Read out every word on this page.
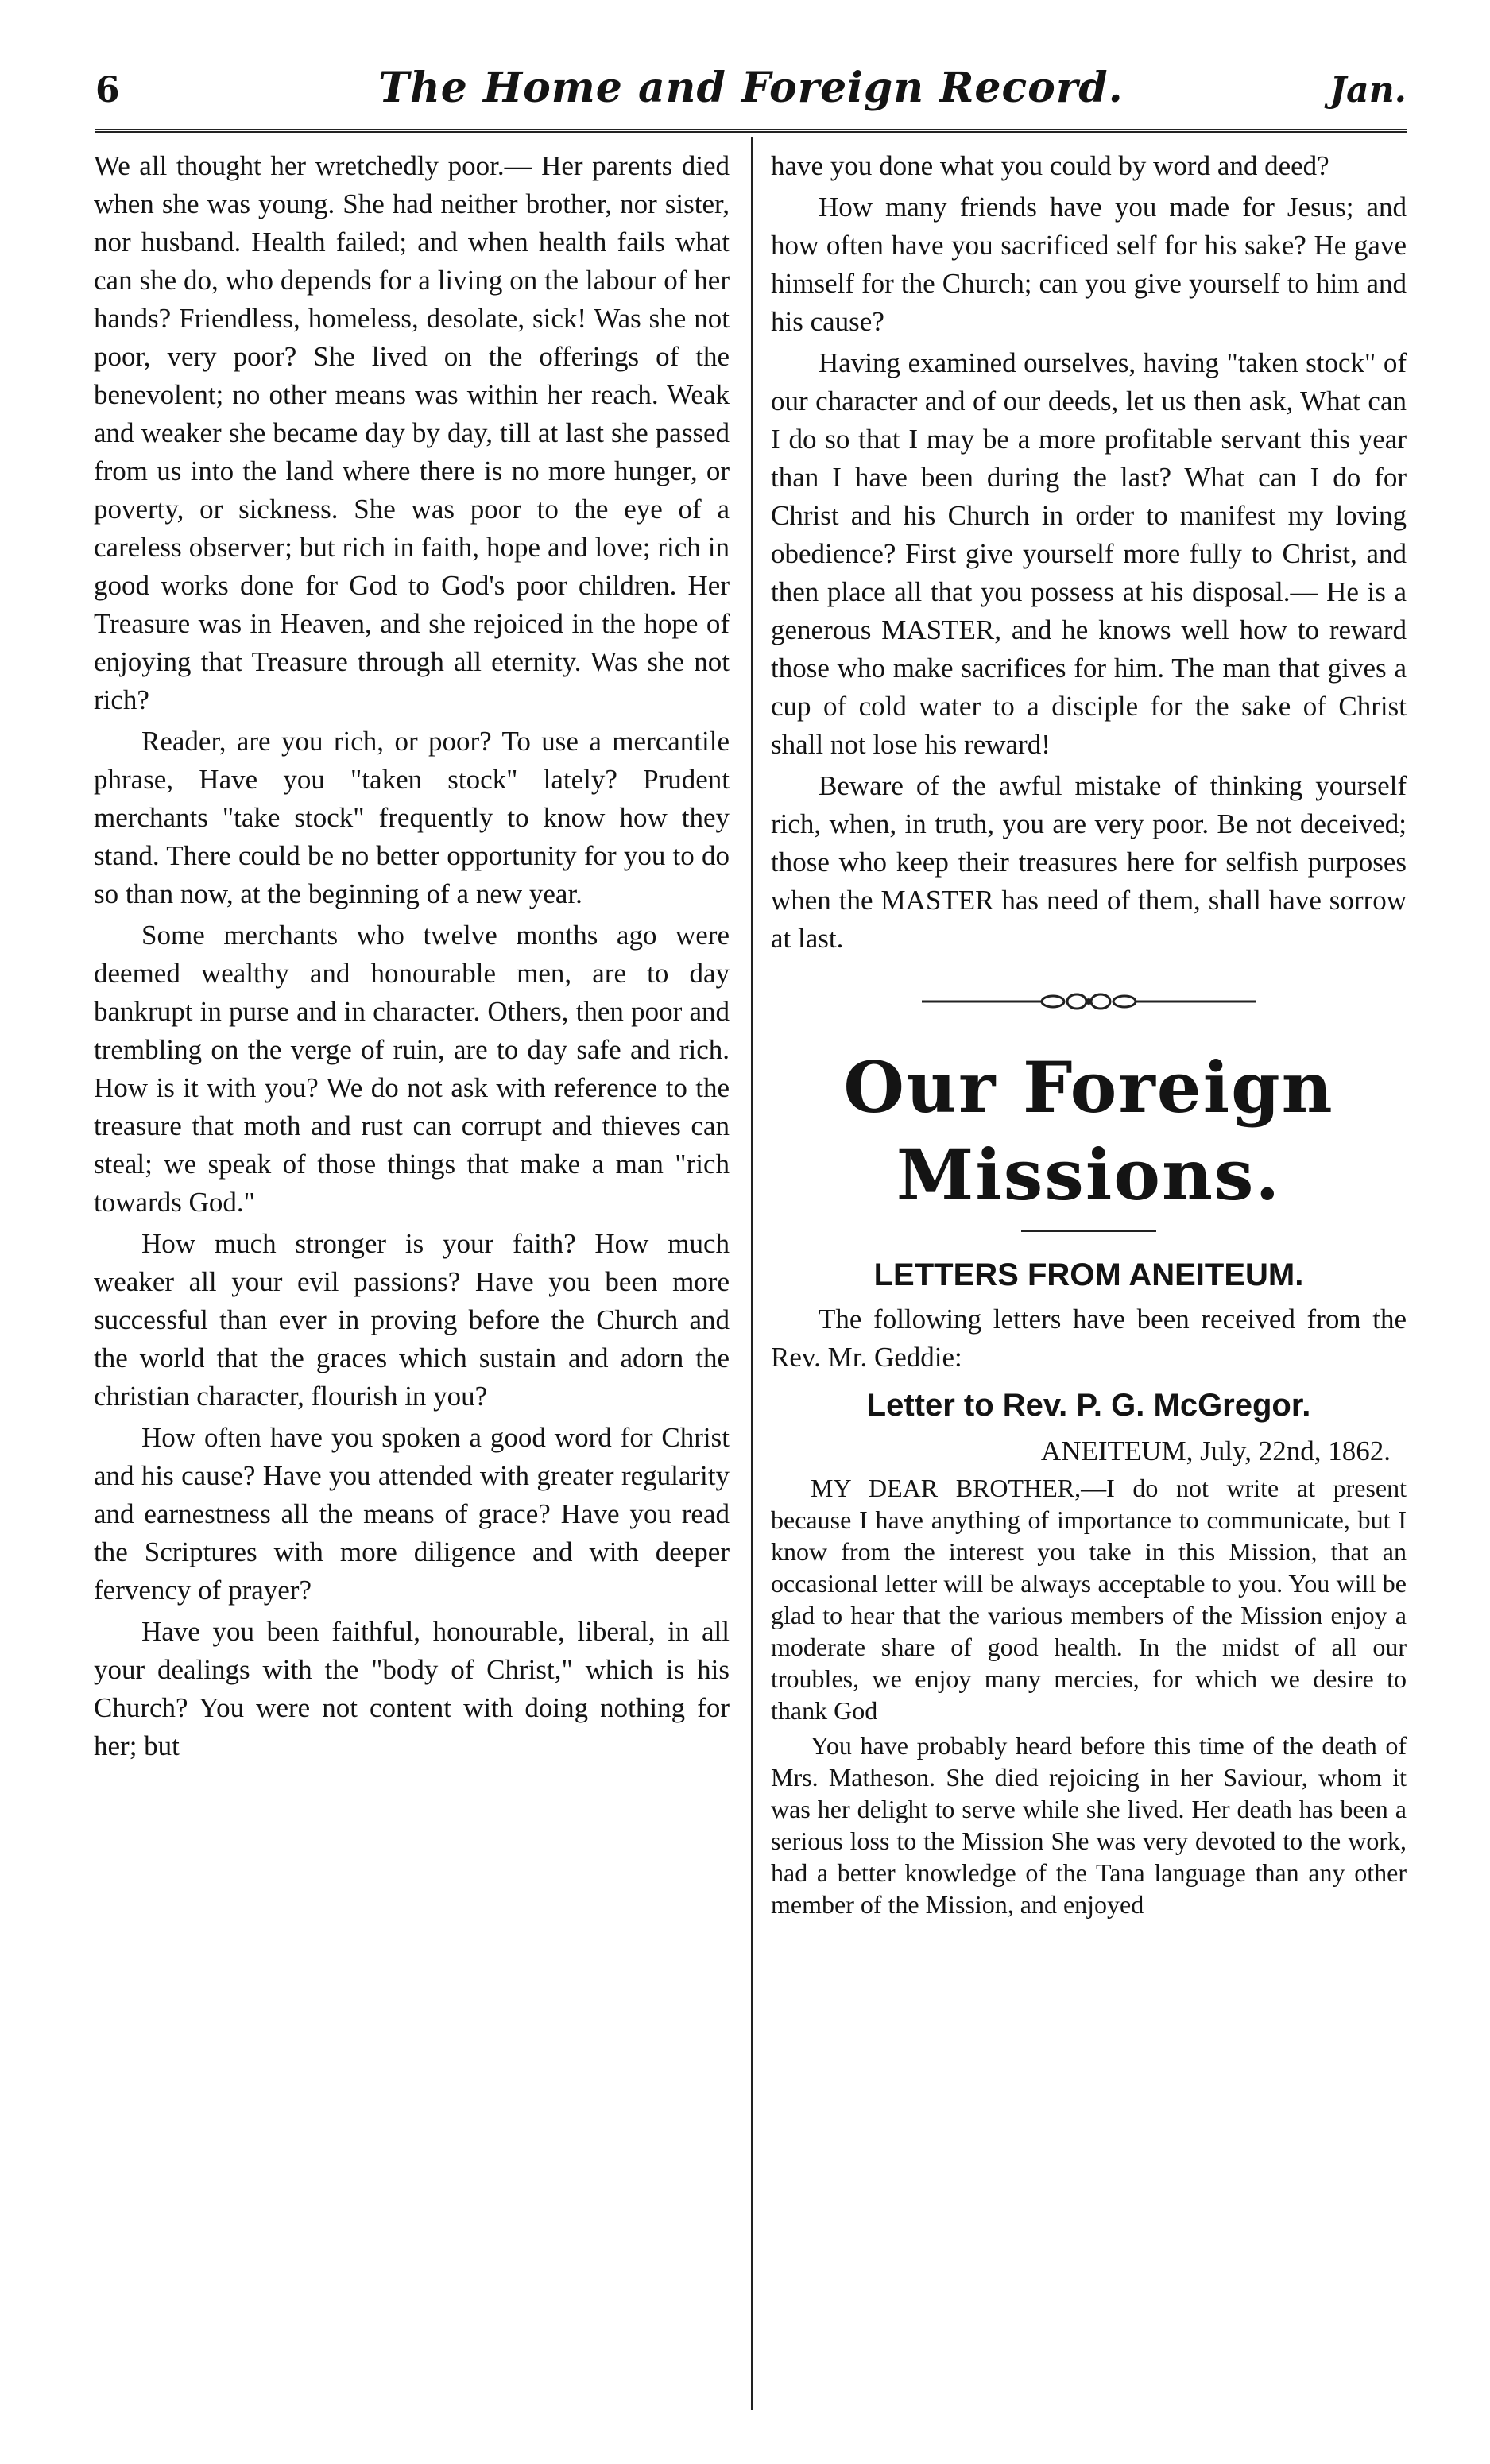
6	The Home and Foreign Record.	Jan.

We all thought her wretchedly poor.— Her parents died when she was young. She had neither brother, nor sister, nor husband. Health failed; and when health fails what can she do, who depends for a living on the labour of her hands? Friendless, homeless, desolate, sick! Was she not poor, very poor? She lived on the offerings of the benevolent; no other means was within her reach. Weak and weaker she became day by day, till at last she passed from us into the land where there is no more hunger, or poverty, or sickness. She was poor to the eye of a careless observer; but rich in faith, hope and love; rich in good works done for God to God's poor children. Her Treasure was in Heaven, and she rejoiced in the hope of enjoying that Treasure through all eternity. Was she not rich?

Reader, are you rich, or poor? To use a mercantile phrase, Have you "taken stock" lately? Prudent merchants "take stock" frequently to know how they stand. There could be no better opportunity for you to do so than now, at the beginning of a new year.

Some merchants who twelve months ago were deemed wealthy and honourable men, are to day bankrupt in purse and in character. Others, then poor and trembling on the verge of ruin, are to day safe and rich. How is it with you? We do not ask with reference to the treasure that moth and rust can corrupt and thieves can steal; we speak of those things that make a man "rich towards God."

How much stronger is your faith? How much weaker all your evil passions? Have you been more successful than ever in proving before the Church and the world that the graces which sustain and adorn the christian character, flourish in you?

How often have you spoken a good word for Christ and his cause? Have you attended with greater regularity and earnestness all the means of grace? Have you read the Scriptures with more diligence and with deeper fervency of prayer?

Have you been faithful, honourable, liberal, in all your dealings with the "body of Christ," which is his Church? You were not content with doing nothing for her; but

have you done what you could by word and deed?

How many friends have you made for Jesus; and how often have you sacrificed self for his sake? He gave himself for the Church; can you give yourself to him and his cause?

Having examined ourselves, having "taken stock" of our character and of our deeds, let us then ask, What can I do so that I may be a more profitable servant this year than I have been during the last? What can I do for Christ and his Church in order to manifest my loving obedience? First give yourself more fully to Christ, and then place all that you possess at his disposal.— He is a generous MASTER, and he knows well how to reward those who make sacrifices for him. The man that gives a cup of cold water to a disciple for the sake of Christ shall not lose his reward!

Beware of the awful mistake of thinking yourself rich, when, in truth, you are very poor. Be not deceived; those who keep their treasures here for selfish purposes when the MASTER has need of them, shall have sorrow at last.

Our Foreign Missions.
LETTERS FROM ANEITEUM.

The following letters have been received from the Rev. Mr. Geddie:

Letter to Rev. P. G. McGregor.
ANEITEUM, July, 22nd, 1862.

MY DEAR BROTHER,—I do not write at present because I have anything of importance to communicate, but I know from the interest you take in this Mission, that an occasional letter will be always acceptable to you. You will be glad to hear that the various members of the Mission enjoy a moderate share of good health. In the midst of all our troubles, we enjoy many mercies, for which we desire to thank God

You have probably heard before this time of the death of Mrs. Matheson. She died rejoicing in her Saviour, whom it was her delight to serve while she lived. Her death has been a serious loss to the Mission She was very devoted to the work, had a better knowledge of the Tana language than any other member of the Mission, and enjoyed
